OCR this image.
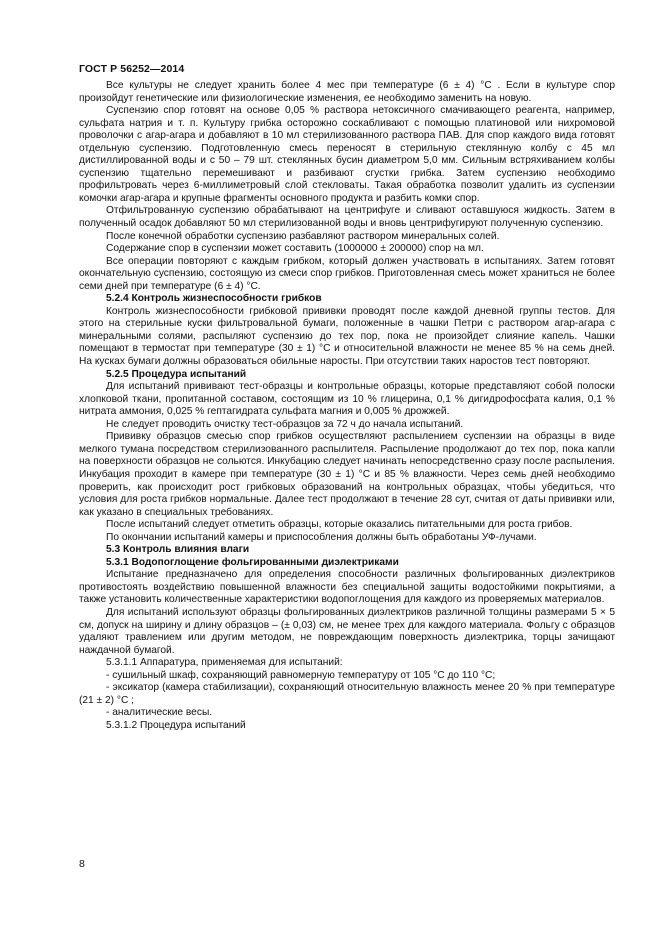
ГОСТ Р 56252—2014

Все культуры не следует хранить более 4 мес при температуре (6 ± 4) °С . Если в культуре спор произойдут генетические или физиологические изменения, ее необходимо заменить на новую.

Суспензию спор готовят на основе 0,05 % раствора нетоксичного смачивающего реагента, например, сульфата натрия и т. п. Культуру грибка осторожно соскабливают с помощью платиновой или нихромовой проволочки с агар-агара и добавляют в 10 мл стерилизованного раствора ПАВ. Для спор каждого вида готовят отдельную суспензию. Подготовленную смесь переносят в стерильную стеклянную колбу с 45 мл дистиллированной воды и с 50 – 79 шт. стеклянных бусин диаметром 5,0 мм. Сильным встряхиванием колбы суспензию тщательно перемешивают и разбивают сгустки грибка. Затем суспензию необходимо профильтровать через 6-миллиметровый слой стекловаты. Такая обработка позволит удалить из суспензии комочки агар-агара и крупные фрагменты основного продукта и разбить комки спор.

Отфильтрованную суспензию обрабатывают на центрифуге и сливают оставшуюся жидкость. Затем в полученный осадок добавляют 50 мл стерилизованной воды и вновь центрифугируют полученную суспензию.

После конечной обработки суспензию разбавляют раствором минеральных солей.

Содержание спор в суспензии может составить (1000000 ± 200000) спор на мл.

Все операции повторяют с каждым грибком, который должен участвовать в испытаниях. Затем готовят окончательную суспензию, состоящую из смеси спор грибков. Приготовленная смесь может храниться не более семи дней при температуре (6 ± 4) °С.

5.2.4 Контроль жизнеспособности грибков

Контроль жизнеспособности грибковой прививки проводят после каждой дневной группы тестов. Для этого на стерильные куски фильтровальной бумаги, положенные в чашки Петри с раствором агар-агара с минеральными солями, распыляют суспензию до тех пор, пока не произойдет слияние капель. Чашки помещают в термостат при температуре (30 ± 1) °С и относительной влажности не менее 85 % на семь дней. На кусках бумаги должны образоваться обильные наросты. При отсутствии таких наростов тест повторяют.

5.2.5 Процедура испытаний

Для испытаний прививают тест-образцы и контрольные образцы, которые представляют собой полоски хлопковой ткани, пропитанной составом, состоящим из 10 % глицерина, 0,1 % дигидрофосфата калия, 0,1 % нитрата аммония, 0,025 % гептагидрата сульфата магния и 0,005 % дрожжей.

Не следует проводить очистку тест-образцов за 72 ч до начала испытаний.

Прививку образцов смесью спор грибков осуществляют распылением суспензии на образцы в виде мелкого тумана посредством стерилизованного распылителя. Распыление продолжают до тех пор, пока капли на поверхности образцов не сольются. Инкубацию следует начинать непосредственно сразу после распыления. Инкубация проходит в камере при температуре (30 ± 1) °С и 85 % влажности. Через семь дней необходимо проверить, как происходит рост грибковых образований на контрольных образцах, чтобы убедиться, что условия для роста грибков нормальные. Далее тест продолжают в течение 28 сут, считая от даты прививки или, как указано в специальных требованиях.

После испытаний следует отметить образцы, которые оказались питательными для роста грибов.

По окончании испытаний камеры и приспособления должны быть обработаны УФ-лучами.

5.3 Контроль влияния влаги

5.3.1 Водопоглощение фольгированными диэлектриками

Испытание предназначено для определения способности различных фольгированных диэлектриков противостоять воздействию повышенной влажности без специальной защиты водостойкими покрытиями, а также установить количественные характеристики водопоглощения для каждого из проверяемых материалов.

Для испытаний используют образцы фольгированных диэлектриков различной толщины размерами 5 × 5 см, допуск на ширину и длину образцов – (± 0,03) см, не менее трех для каждого материала. Фольгу с образцов удаляют травлением или другим методом, не повреждающим поверхность диэлектрика, торцы зачищают наждачной бумагой.

5.3.1.1 Аппаратура, применяемая для испытаний:

- сушильный шкаф, сохраняющий равномерную температуру от 105 °С до 110 °С;

- эксикатор (камера стабилизации), сохраняющий относительную влажность менее 20 % при температуре (21 ± 2) °С ;

- аналитические весы.

5.3.1.2 Процедура испытаний

8
